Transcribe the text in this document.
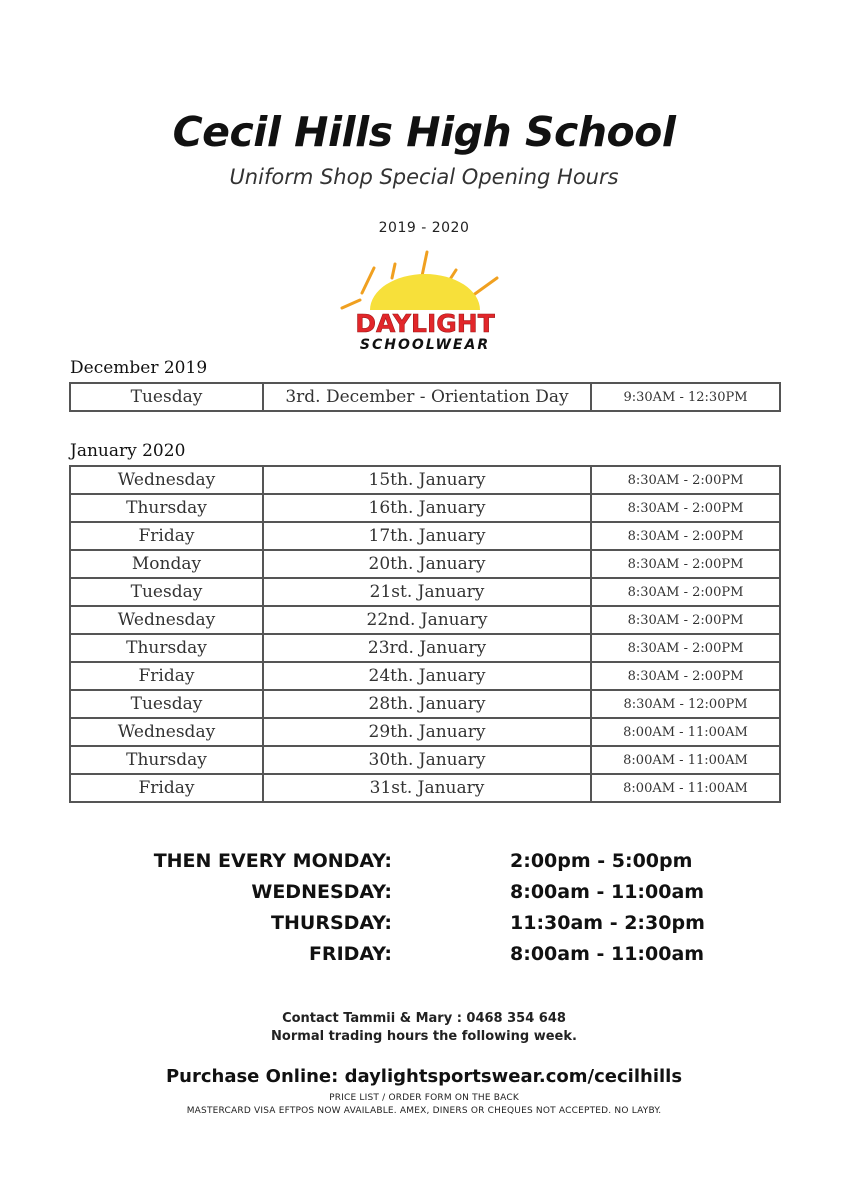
Cecil Hills High School
Uniform Shop Special Opening Hours
2019 - 2020
DAYLIGHT
SCHOOLWEAR
December 2019
Tuesday	3rd. December - Orientation Day	9:30AM - 12:30PM
January 2020
Wednesday	15th. January	8:30AM - 2:00PM
Thursday	16th. January	8:30AM - 2:00PM
Friday	17th. January	8:30AM - 2:00PM
Monday	20th. January	8:30AM - 2:00PM
Tuesday	21st. January	8:30AM - 2:00PM
Wednesday	22nd. January	8:30AM - 2:00PM
Thursday	23rd. January	8:30AM - 2:00PM
Friday	24th. January	8:30AM - 2:00PM
Tuesday	28th. January	8:30AM - 12:00PM
Wednesday	29th. January	8:00AM - 11:00AM
Thursday	30th. January	8:00AM - 11:00AM
Friday	31st. January	8:00AM - 11:00AM
THEN EVERY MONDAY:	2:00pm - 5:00pm
WEDNESDAY:	8:00am - 11:00am
THURSDAY:	11:30am - 2:30pm
FRIDAY:	8:00am - 11:00am
Contact Tammii & Mary : 0468 354 648
Normal trading hours the following week.
Purchase Online: daylightsportswear.com/cecilhills
PRICE LIST / ORDER FORM ON THE BACK
MASTERCARD VISA EFTPOS NOW AVAILABLE. AMEX, DINERS OR CHEQUES NOT ACCEPTED. NO LAYBY.
